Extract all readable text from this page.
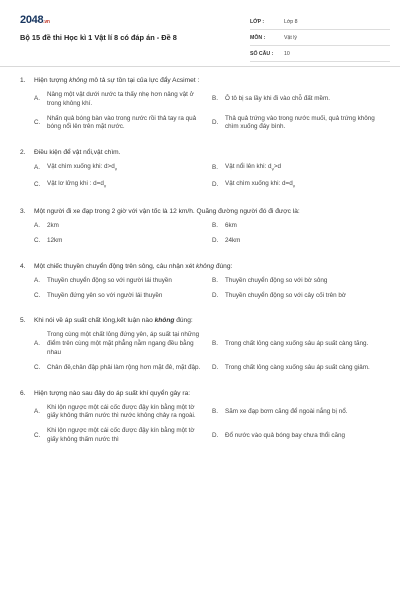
2048.vn
Bộ 15 đề thi Học kì 1 Vật lí 8 có đáp án - Đề 8
LỚP :	Lớp 8
MÔN :	Vật lý
SỐ CÂU :	10
1.	Hiện tượng không mô tả sự tồn tại của lực đẩy Acsimet :
A.
Nâng một vật dưới nước ta thấy nhẹ hơn nâng vật ở trong không khí.
B.	Ô tô bị sa lầy khi đi vào chỗ đất mềm.
C.
Nhấn quả bóng bàn vào trong nước rồi thả tay ra quả bóng nổi lên trên mặt nước.
D.
Thả quả trứng vào trong nước muối, quả trứng không chìm xuống đáy bình.
2.	Điều kiện để vật nổi,vật chìm.
A.	Vật chìm xuống khi: $d>d_v$	B.	Vật nổi lên khi: $d_v>d$
C.	Vật lơ lửng khi : $d=d_v$	D.	Vật chìm xuống khi: $d=d_v$
3.	Một người đi xe đạp trong 2 giờ với vận tốc là 12 km/h. Quãng đường người đó đi được là:
A.	2km	B.	6km
C.	12km	D.	24km
4.	Một chiếc thuyền chuyển động trên sông, câu nhận xét không đúng:
A.	Thuyền chuyển động so với người lái thuyền	B.	Thuyền chuyển động so với bờ sông
C.	Thuyền đứng yên so với người lái thuyền	D.	Thuyền chuyển động so với cây cối trên bờ
5.	Khi nói về áp suất chất lỏng,kết luận nào không đúng:
A.
Trong cùng một chất lỏng đứng yên, áp suất tại những điểm trên cùng một mặt phẳng nằm ngang đều bằng nhau
B.	Trong chất lỏng càng xuống sâu áp suất càng tăng.
C.	Chân đê,chân đập phải làm rộng hơn mặt đê, mặt đập.	D.	Trong chất lỏng càng xuống sâu áp suất càng giảm.
6.	Hiện tượng nào sau đây do áp suất khí quyển gây ra:
A.
Khi lộn ngược một cái cốc được đậy kín bằng một tờ giấy không thấm nước thì nước không chảy ra ngoài.
B.	Săm xe đạp bơm căng để ngoài nắng bị nổ.
C.
Khi lộn ngược một cái cốc được đậy kín bằng một tờ giấy không thấm nước thì
D.	Đổ nước vào quả bóng bay chưa thổi căng
